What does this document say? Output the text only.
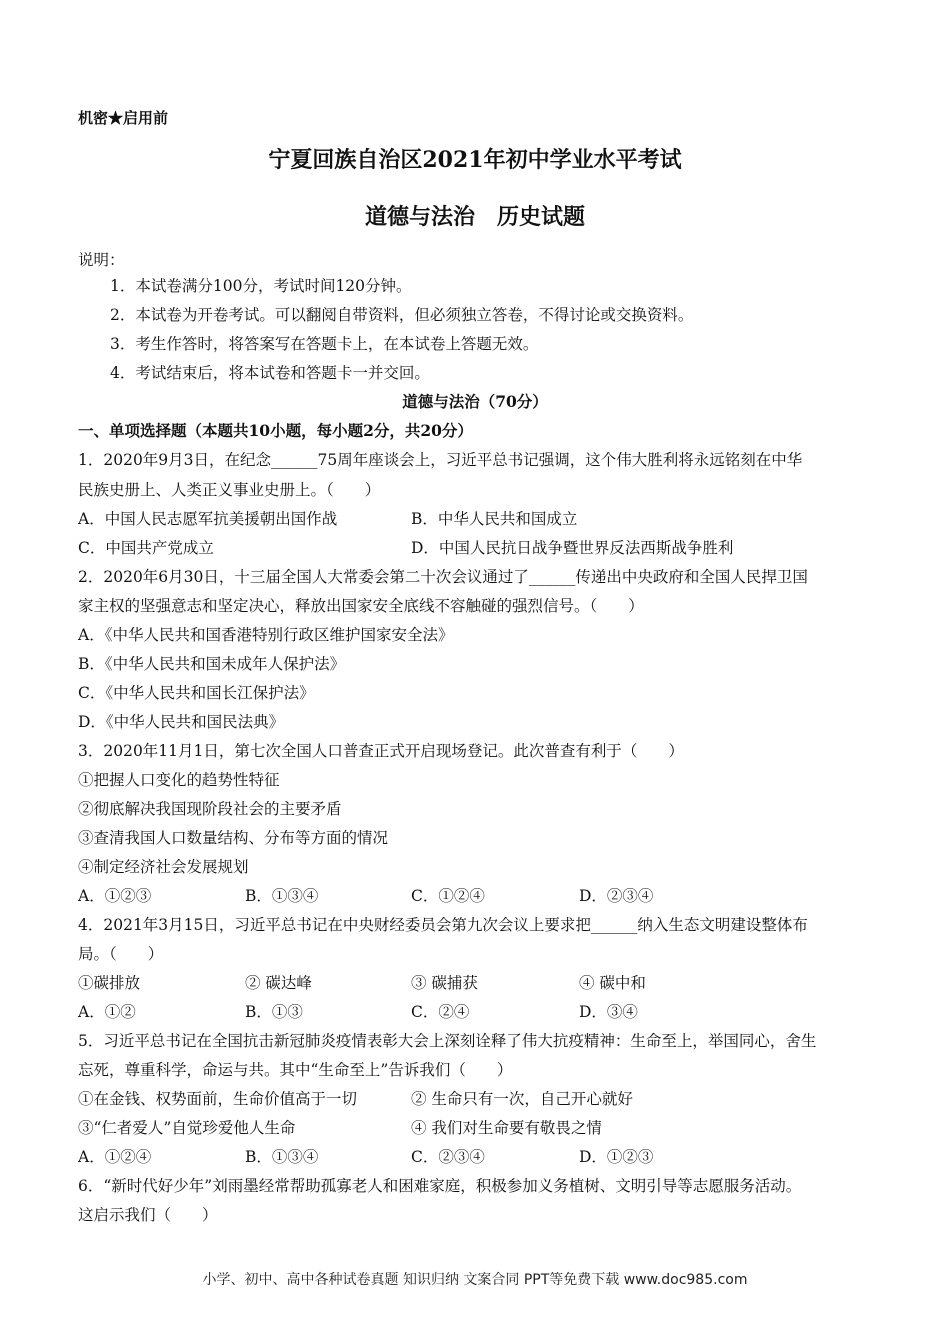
机密★启用前
宁夏回族自治区2021年初中学业水平考试
道德与法治　历史试题
说明：
1．本试卷满分100分，考试时间120分钟。
2．本试卷为开卷考试。可以翻阅自带资料，但必须独立答卷，不得讨论或交换资料。
3．考生作答时，将答案写在答题卡上，在本试卷上答题无效。
4．考试结束后，将本试卷和答题卡一并交回。
道德与法治（70分）
一、单项选择题（本题共10小题，每小题2分，共20分）
1．2020年9月3日，在纪念______75周年座谈会上，习近平总书记强调，这个伟大胜利将永远铭刻在中华
民族史册上、人类正义事业史册上。（　　）
A．中国人民志愿军抗美援朝出国作战	B．中华人民共和国成立
C．中国共产党成立	D．中国人民抗日战争暨世界反法西斯战争胜利
2．2020年6月30日，十三届全国人大常委会第二十次会议通过了______传递出中央政府和全国人民捍卫国
家主权的坚强意志和坚定决心，释放出国家安全底线不容触碰的强烈信号。（　　）
A．《中华人民共和国香港特别行政区维护国家安全法》
B．《中华人民共和国未成年人保护法》
C．《中华人民共和国长江保护法》
D．《中华人民共和国民法典》
3．2020年11月1日，第七次全国人口普查正式开启现场登记。此次普查有利于（　　）
①把握人口变化的趋势性特征
②彻底解决我国现阶段社会的主要矛盾
③查清我国人口数量结构、分布等方面的情况
④制定经济社会发展规划
A．①②③	B．①③④	C．①②④	D．②③④
4．2021年3月15日，习近平总书记在中央财经委员会第九次会议上要求把______纳入生态文明建设整体布
局。（　　）
①碳排放	② 碳达峰	③ 碳捕获	④ 碳中和
A．①②	B．①③	C．②④	D．③④
5．习近平总书记在全国抗击新冠肺炎疫情表彰大会上深刻诠释了伟大抗疫精神：生命至上，举国同心，舍生
忘死，尊重科学，命运与共。其中“生命至上”告诉我们（　　）
①在金钱、权势面前，生命价值高于一切	② 生命只有一次，自己开心就好
③“仁者爱人”自觉珍爱他人生命	④ 我们对生命要有敬畏之情
A．①②④	B．①③④	C．②③④	D．①②③
6．“新时代好少年”刘雨墨经常帮助孤寡老人和困难家庭，积极参加义务植树、文明引导等志愿服务活动。
这启示我们（　　）
小学、初中、高中各种试卷真题 知识归纳 文案合同 PPT等免费下载 www.doc985.com
